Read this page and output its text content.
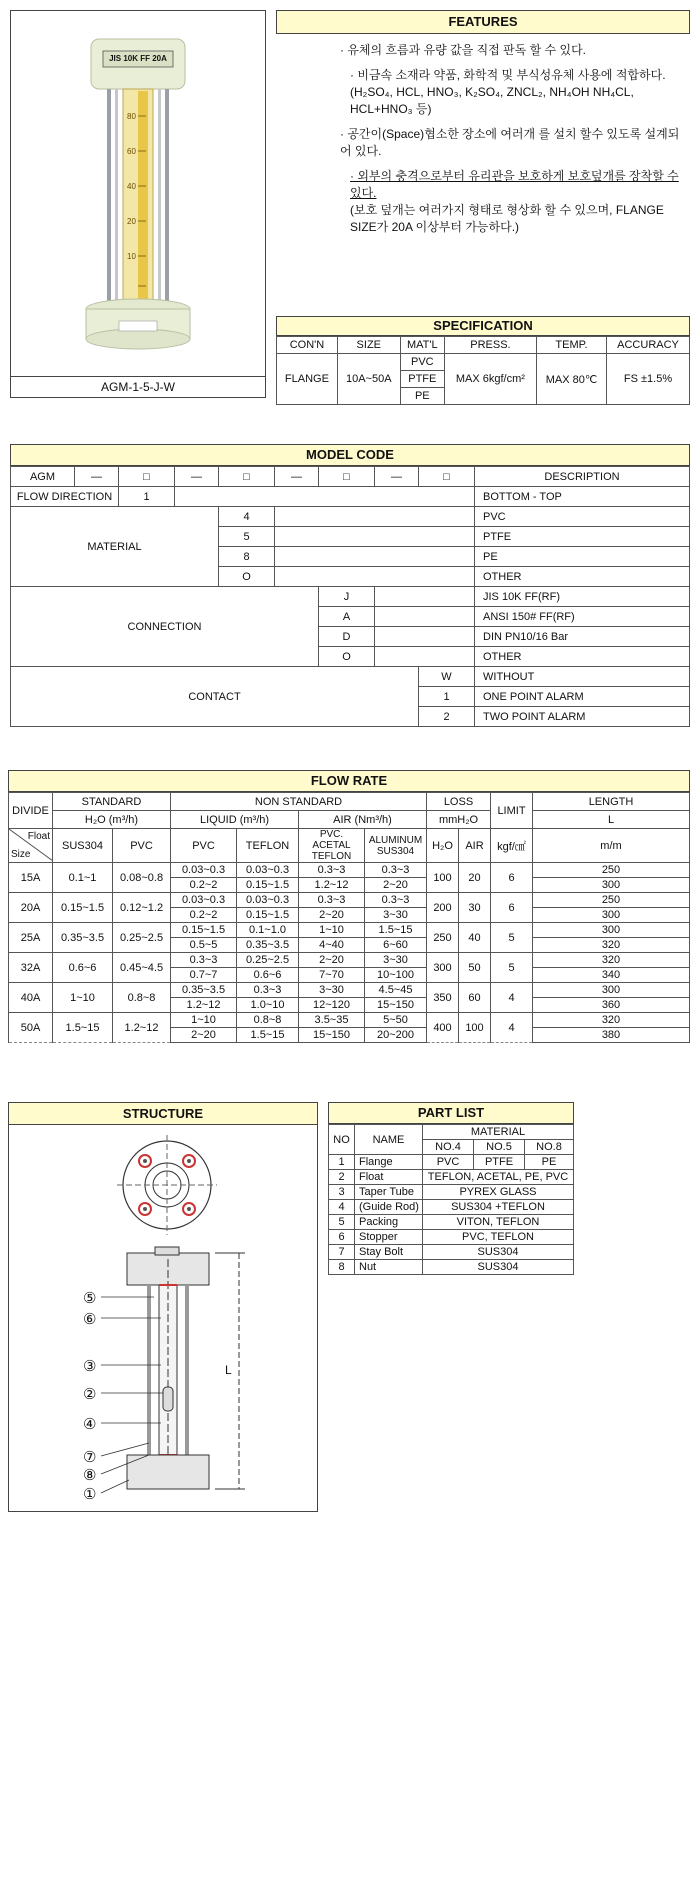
80
60
40
20
10
JIS 10K FF 20A
AGM-1-5-J-W
FEATURES

· 유체의 흐름과 유량 값을 직접 판독 할 수 있다.

· 비금속 소재라 약품, 화학적 및 부식성유체 사용에 적합하다.(H₂SO₄, HCL, HNO₃, K₂SO₄, ZNCL₂, NH₄OH NH₄CL, HCL+HNO₃ 등)

· 공간이(Space)협소한 장소에 여러개 를 설치 할수 있도록 설계되어 있다.

· 외부의 충격으로부터 유리관을 보호하게 보호덮개를 장착할 수 있다.

(보호 덮개는 여러가지 형태로 형상화 할 수 있으며, FLANGE SIZE가 20A 이상부터 가능하다.)

SPECIFICATION
CON'N	SIZE	MAT'L	PRESS.	TEMP.	ACCURACY
FLANGE	10A~50A	PVC	MAX 6kgf/cm²	MAX 80℃	FS ±1.5%
		PTFE			
		PE			
MODEL CODE
AGM	—	□	—	□	—	□	—	□	DESCRIPTION
FLOW DIRECTION		1							BOTTOM - TOP
MATERIAL				4					PVC
				5					PTFE
				8					PE
				O					OTHER
CONNECTION						J			JIS 10K FF(RF)
						A			ANSI 150# FF(RF)
						D			DIN PN10/16 Bar
						O			OTHER
CONTACT								W	WITHOUT
								1	ONE POINT ALARM
								2	TWO POINT ALARM
FLOW RATE
DIVIDE	STANDARD		NON STANDARD				LOSS		LIMIT	LENGTH
	H₂O (m³/h)		LIQUID (m³/h)		AIR (Nm³/h)		mmH₂O			L

Float
Size	SUS304	PVC	PVC	TEFLON	PVC. ACETAL TEFLON	ALUMINUM SUS304	H₂O	AIR	kgf/㎠	m/m
15A	0.1~1	0.08~0.8	0.03~0.3	0.03~0.3	0.3~3	0.3~3	100	20	6	250
			0.2~2	0.15~1.5	1.2~12	2~20				300
20A	0.15~1.5	0.12~1.2	0.03~0.3	0.03~0.3	0.3~3	0.3~3	200	30	6	250
			0.2~2	0.15~1.5	2~20	3~30				300
25A	0.35~3.5	0.25~2.5	0.15~1.5	0.1~1.0	1~10	1.5~15	250	40	5	300
			0.5~5	0.35~3.5	4~40	6~60				320
32A	0.6~6	0.45~4.5	0.3~3	0.25~2.5	2~20	3~30	300	50	5	320
			0.7~7	0.6~6	7~70	10~100				340
40A	1~10	0.8~8	0.35~3.5	0.3~3	3~30	4.5~45	350	60	4	300
			1.2~12	1.0~10	12~120	15~150				360
50A	1.5~15	1.2~12	1~10	0.8~8	3.5~35	5~50	400	100	4	320
			2~20	1.5~15	15~150	20~200				380
STRUCTURE
⑤
⑥
③
②
④
⑦
⑧
①
L
PART LIST
NO	NAME	MATERIAL		
		NO.4	NO.5	NO.8
1	Flange	PVC	PTFE	PE
2	Float	TEFLON, ACETAL, PE, PVC		
3	Taper Tube	PYREX GLASS		
4	(Guide Rod)	SUS304 +TEFLON		
5	Packing	VITON, TEFLON		
6	Stopper	PVC, TEFLON		
7	Stay Bolt	SUS304		
8	Nut	SUS304		
